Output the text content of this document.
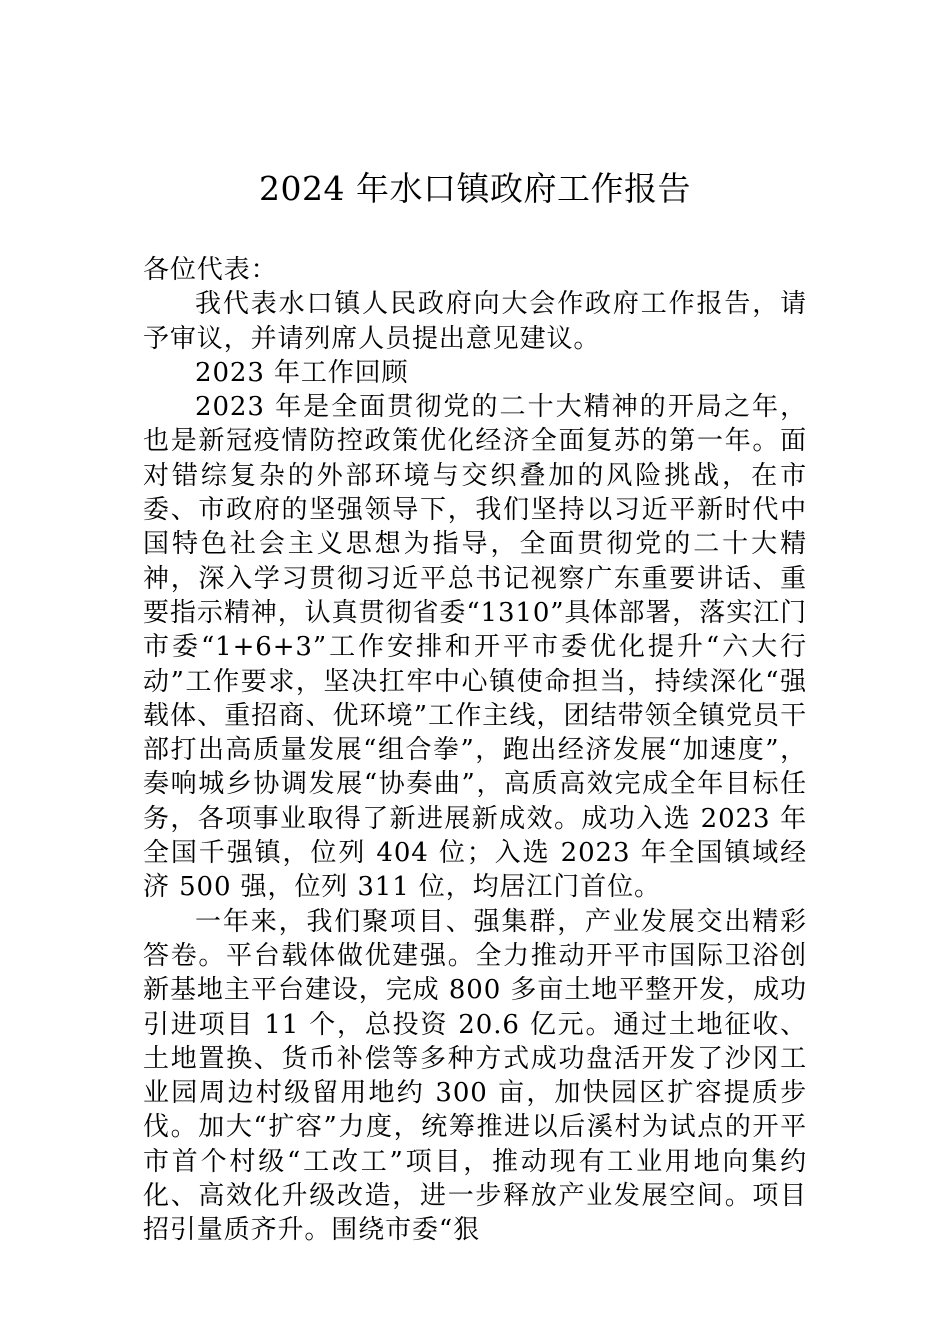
2024 年水口镇政府工作报告

各位代表：

我代表水口镇人民政府向大会作政府工作报告，请予审议，并请列席人员提出意见建议。

2023 年工作回顾

2023 年是全面贯彻党的二十大精神的开局之年，也是新冠疫情防控政策优化经济全面复苏的第一年。面对错综复杂的外部环境与交织叠加的风险挑战，在市委、市政府的坚强领导下，我们坚持以习近平新时代中国特色社会主义思想为指导，全面贯彻党的二十大精神，深入学习贯彻习近平总书记视察广东重要讲话、重要指示精神，认真贯彻省委“1310”具体部署，落实江门市委“1+6+3”工作安排和开平市委优化提升“六大行动”工作要求，坚决扛牢中心镇使命担当，持续深化“强载体、重招商、优环境”工作主线，团结带领全镇党员干部打出高质量发展“组合拳”，跑出经济发展“加速度”，奏响城乡协调发展“协奏曲”，高质高效完成全年目标任务，各项事业取得了新进展新成效。成功入选 2023 年全国千强镇，位列 404 位；入选 2023 年全国镇域经济 500 强，位列 311 位，均居江门首位。

一年来，我们聚项目、强集群，产业发展交出精彩答卷。平台载体做优建强。全力推动开平市国际卫浴创新基地主平台建设，完成 800 多亩土地平整开发，成功引进项目 11 个，总投资 20.6 亿元。通过土地征收、土地置换、货币补偿等多种方式成功盘活开发了沙冈工业园周边村级留用地约 300 亩，加快园区扩容提质步伐。加大“扩容”力度，统筹推进以后溪村为试点的开平市首个村级“工改工”项目，推动现有工业用地向集约化、高效化升级改造，进一步释放产业发展空间。项目招引量质齐升。围绕市委“狠
